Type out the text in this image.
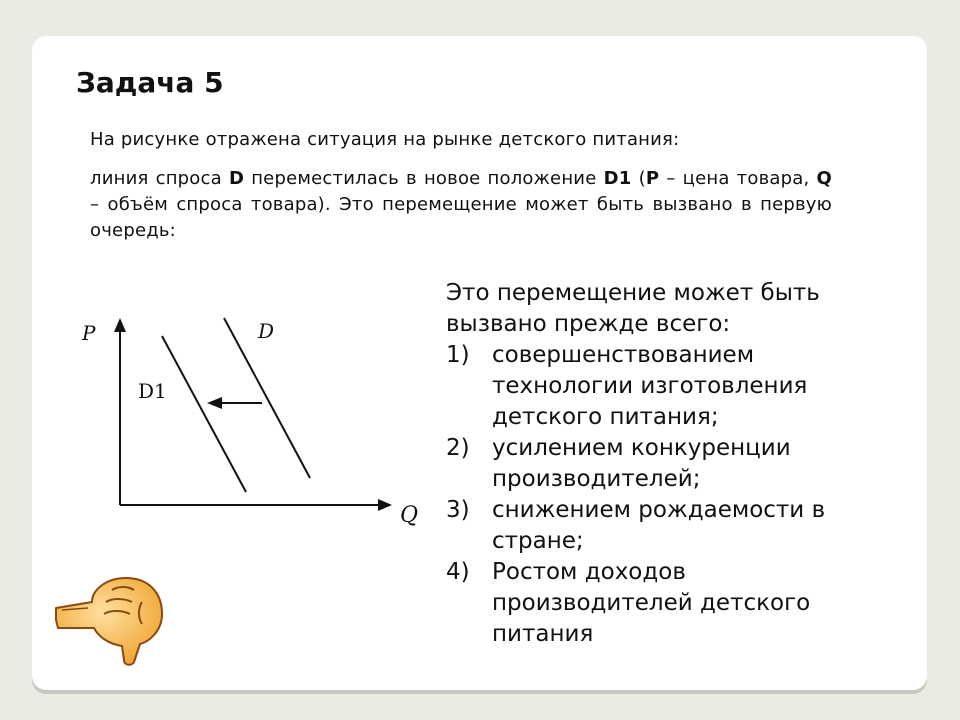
Задача 5

На рисунке отражена ситуация на рынке детского питания:

линия спроса D переместилась в новое положение D1 (P – цена товара, Q – объём спроса товара). Это перемещение может быть вызвано в первую очередь:

Это перемещение может быть вызвано прежде всего:

1) совершенствованием технологии изготовления детского питания;
2) усилением конкуренции производителей;
3) снижением рождаемости в стране;
4) Ростом доходов производителей детского питания
P
Q
D
D1
